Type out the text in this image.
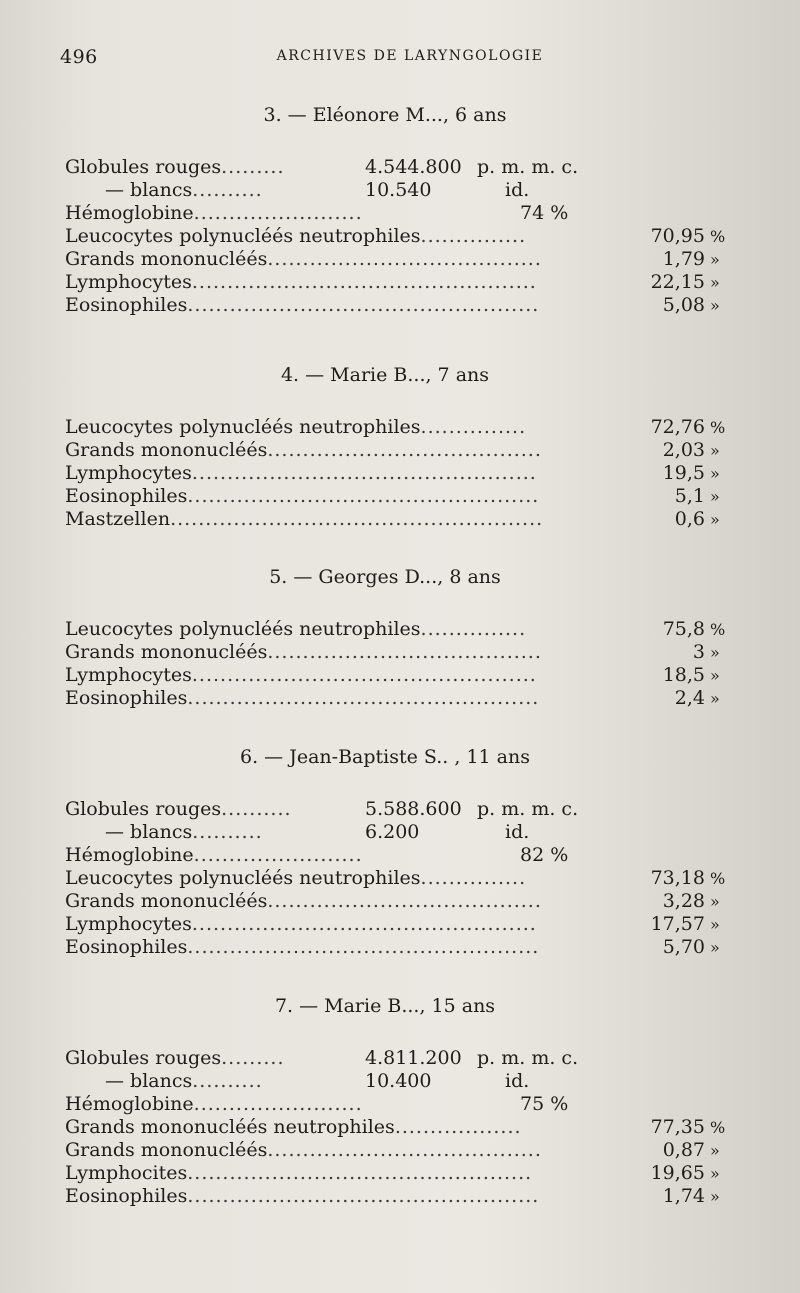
496	ARCHIVES DE LARYNGOLOGIE
3. — Eléonore M..., 6 ans
Globules rouges.........	4.544.800 p. m. m. c.
— blancs..........	10.540	id.
Hémoglobine........................	74 %
Leucocytes polynucléés neutrophiles...............	70,95 %
Grands mononucléés.......................................	1,79 »
Lymphocytes.................................................	22,15 »
Eosinophiles..................................................	5,08 »
4. — Marie B..., 7 ans
Leucocytes polynucléés neutrophiles...............	72,76 %
Grands mononucléés.......................................	2,03 »
Lymphocytes.................................................	19,5 »
Eosinophiles..................................................	5,1 »
Mastzellen.....................................................	0,6 »
5. — Georges D..., 8 ans
Leucocytes polynucléés neutrophiles...............	75,8 %
Grands mononucléés.......................................	3 »
Lymphocytes.................................................	18,5 »
Eosinophiles..................................................	2,4 »
6. — Jean-Baptiste S.. , 11 ans
Globules rouges..........	5.588.600 p. m. m. c.
— blancs..........	6.200	id.
Hémoglobine........................	82 %
Leucocytes polynucléés neutrophiles...............	73,18 %
Grands mononucléés.......................................	3,28 »
Lymphocytes.................................................	17,57 »
Eosinophiles..................................................	5,70 »
7. — Marie B..., 15 ans
Globules rouges.........	4.811.200 p. m. m. c.
— blancs..........	10.400	id.
Hémoglobine........................	75 %
Grands mononucléés neutrophiles..................	77,35 %
Grands mononucléés.......................................	0,87 »
Lymphocites.................................................	19,65 »
Eosinophiles..................................................	1,74 »
